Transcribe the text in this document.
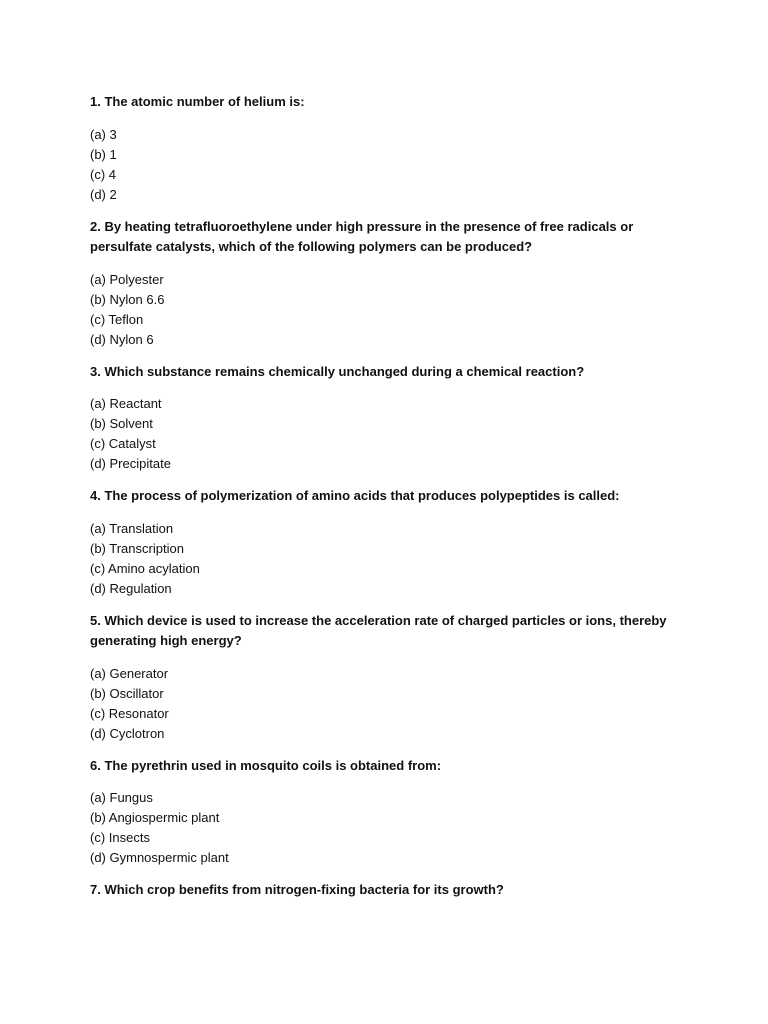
1. The atomic number of helium is:

(a) 3
(b) 1
(c) 4
(d) 2

2. By heating tetrafluoroethylene under high pressure in the presence of free radicals or persulfate catalysts, which of the following polymers can be produced?

(a) Polyester
(b) Nylon 6.6
(c) Teflon
(d) Nylon 6

3. Which substance remains chemically unchanged during a chemical reaction?

(a) Reactant
(b) Solvent
(c) Catalyst
(d) Precipitate

4. The process of polymerization of amino acids that produces polypeptides is called:

(a) Translation
(b) Transcription
(c) Amino acylation
(d) Regulation

5. Which device is used to increase the acceleration rate of charged particles or ions, thereby generating high energy?

(a) Generator
(b) Oscillator
(c) Resonator
(d) Cyclotron

6. The pyrethrin used in mosquito coils is obtained from:

(a) Fungus
(b) Angiospermic plant
(c) Insects
(d) Gymnospermic plant

7. Which crop benefits from nitrogen-fixing bacteria for its growth?
